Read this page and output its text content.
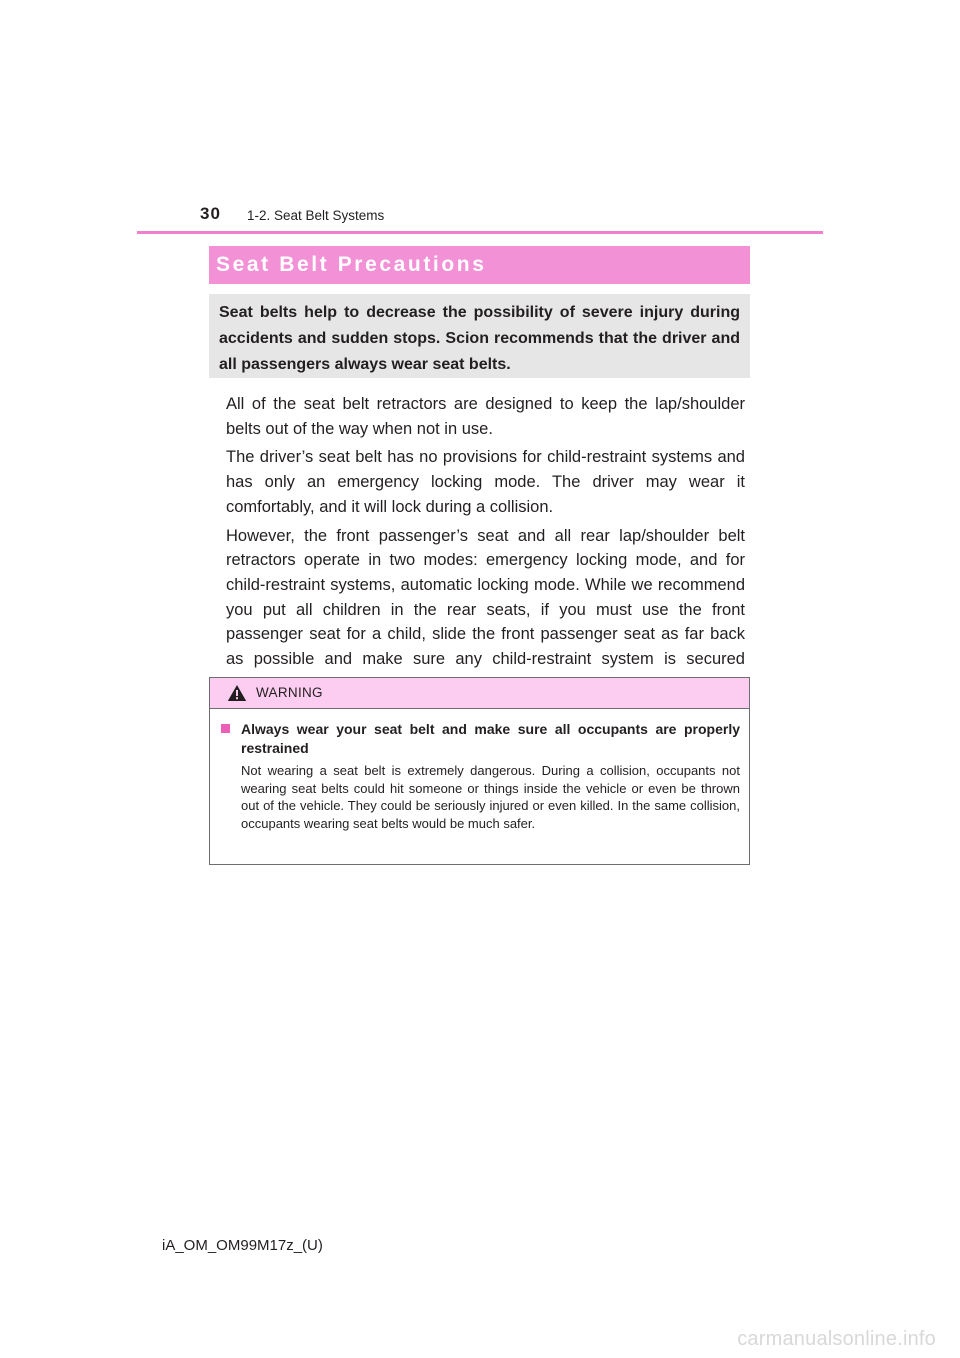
30 1-2. Seat Belt Systems
Seat Belt Precautions

Seat belts help to decrease the possibility of severe injury during accidents and sudden stops. Scion recommends that the driver and all passengers always wear seat belts.

All of the seat belt retractors are designed to keep the lap/shoulder belts out of the way when not in use.

The driver’s seat belt has no provisions for child-restraint systems and has only an emergency locking mode. The driver may wear it comfortably, and it will lock during a collision.

However, the front passenger’s seat and all rear lap/shoulder belt retractors operate in two modes: emergency locking mode, and for child-restraint systems, automatic locking mode. While we recommend you put all children in the rear seats, if you must use the front passenger seat for a child, slide the front passenger seat as far back as possible and make sure any child-restraint system is secured

WARNING

Always wear your seat belt and make sure all occupants are properly restrained

Not wearing a seat belt is extremely dangerous. During a collision, occupants not wearing seat belts could hit someone or things inside the vehicle or even be thrown out of the vehicle. They could be seriously injured or even killed. In the same collision, occupants wearing seat belts would be much safer.

iA_OM_OM99M17z_(U)
carmanualsonline.info
